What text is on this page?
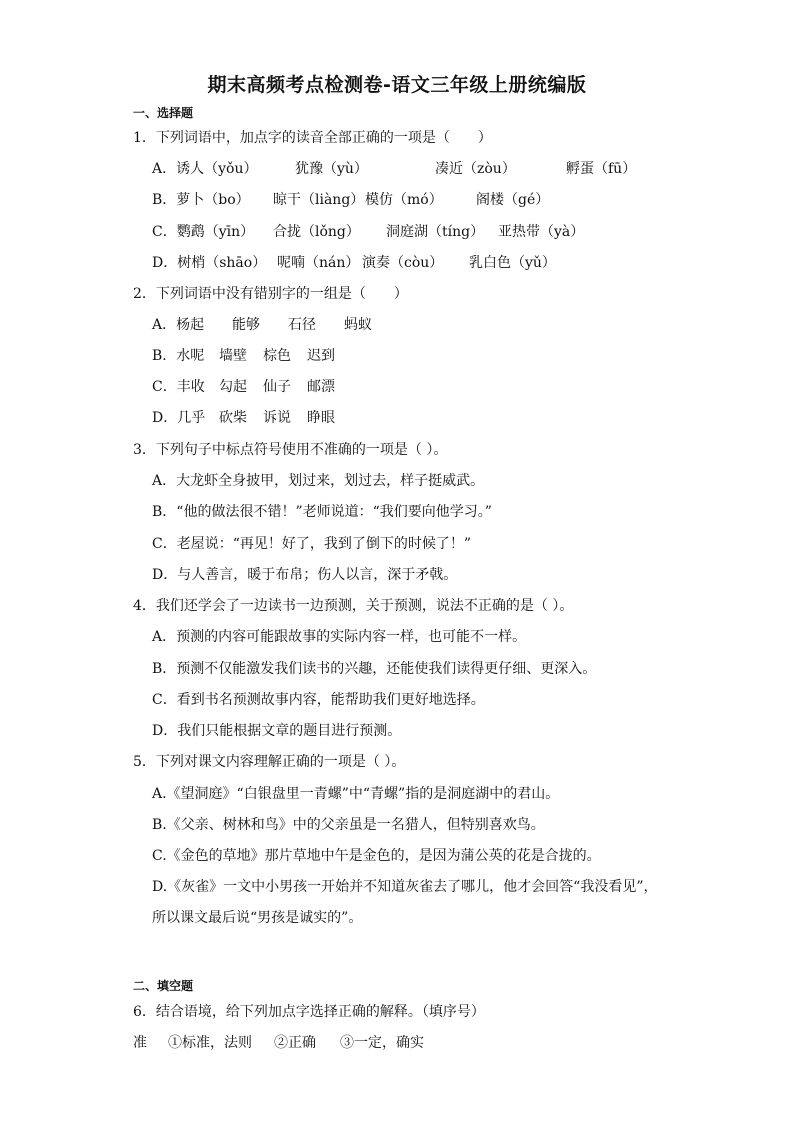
期末高频考点检测卷-语文三年级上册统编版
一、选择题
1．下列词语中，加点字的读音全部正确的一项是（　　）
A．诱人（yǒu）	犹豫（yù）	凑近（zòu）	孵蛋（fū）
B．萝卜（bo） 晾干（liàng） 模仿（mó） 阁楼（gé）
C．鹦鹉（yīn） 合拢（lǒng） 洞庭湖（tíng） 亚热带（yà）
D．树梢（shāo） 呢喃（nán） 演奏（còu） 乳白色（yǔ）
2．下列词语中没有错别字的一组是（　　）
A．杨起 能够 石径 蚂蚁
B．水呢 墙壁 棕色 迟到
C．丰收 勾起 仙子 邮漂
D．几乎 砍柴 诉说 睁眼
3．下列句子中标点符号使用不准确的一项是（ ）。
A．大龙虾全身披甲，划过来，划过去，样子挺威武。
B．“他的做法很不错！”老师说道：“我们要向他学习。”
C．老屋说：“再见！好了，我到了倒下的时候了！”
D．与人善言，暖于布帛；伤人以言，深于矛戟。
4．我们还学会了一边读书一边预测，关于预测，说法不正确的是（ ）。
A．预测的内容可能跟故事的实际内容一样，也可能不一样。
B．预测不仅能激发我们读书的兴趣，还能使我们读得更仔细、更深入。
C．看到书名预测故事内容，能帮助我们更好地选择。
D．我们只能根据文章的题目进行预测。
5．下列对课文内容理解正确的一项是（ ）。
A.《望洞庭》“白银盘里一青螺”中“青螺”指的是洞庭湖中的君山。
B.《父亲、树林和鸟》中的父亲虽是一名猎人，但特别喜欢鸟。
C.《金色的草地》那片草地中午是金色的，是因为蒲公英的花是合拢的。
D.《灰雀》一文中小男孩一开始并不知道灰雀去了哪儿，他才会回答“我没看见”，
所以课文最后说“男孩是诚实的”。
二、填空题
6．结合语境，给下列加点字选择正确的解释。（填序号）
准 ①标准，法则 ②正确 ③一定，确实
